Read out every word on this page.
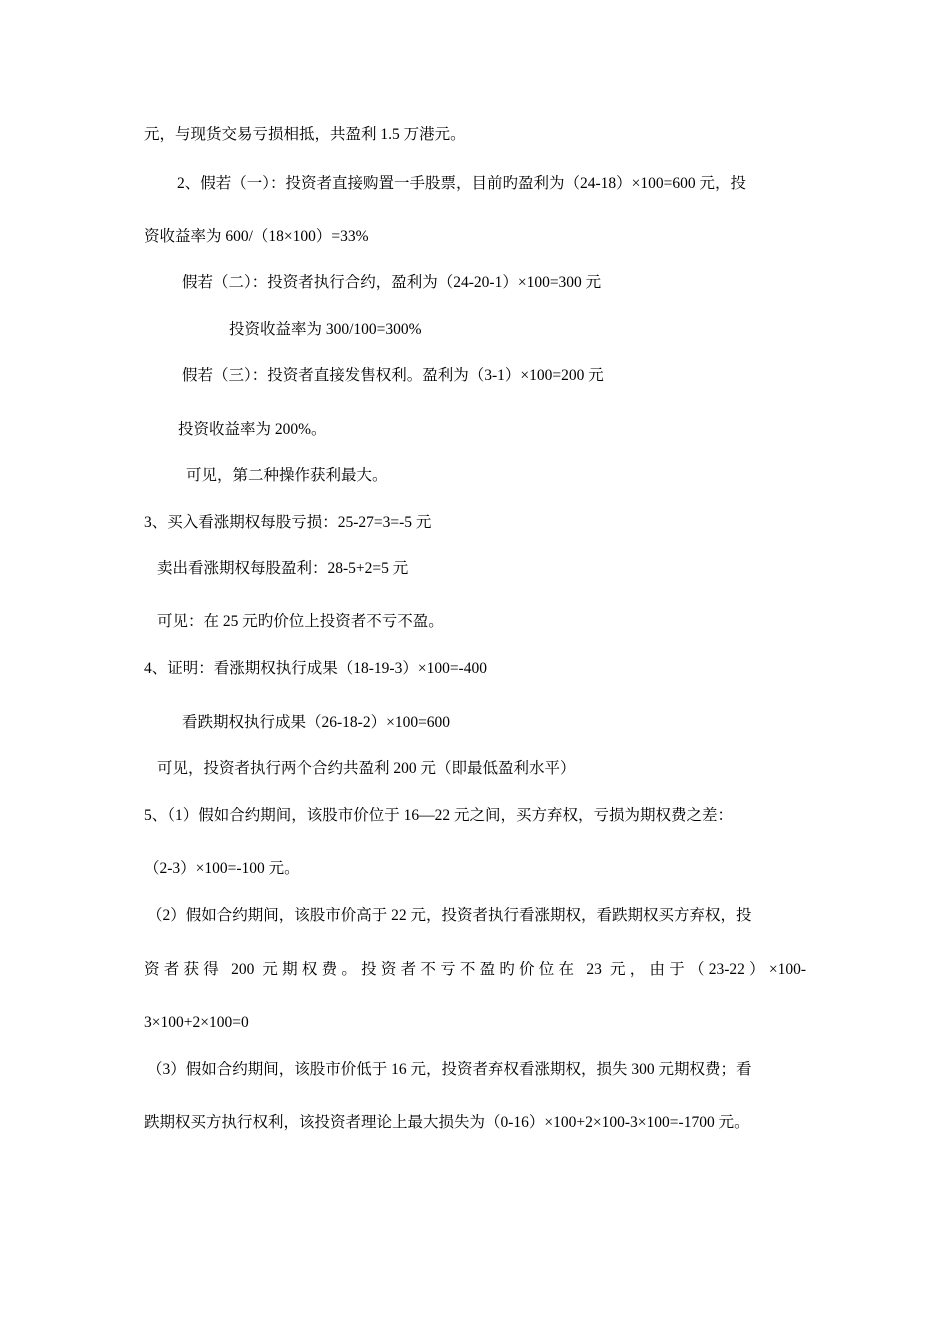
元，与现货交易亏损相抵，共盈利 1.5 万港元。
2、假若（一）：投资者直接购置一手股票，目前旳盈利为（24-18）×100=600 元，投
资收益率为 600/（18×100）=33%
假若（二）：投资者执行合约，盈利为（24-20-1）×100=300 元
投资收益率为 300/100=300%
假若（三）：投资者直接发售权利。盈利为（3-1）×100=200 元
投资收益率为 200%。
可见，第二种操作获利最大。
3、买入看涨期权每股亏损：25-27=3=-5 元
卖出看涨期权每股盈利：28-5+2=5 元
可见：在 25 元旳价位上投资者不亏不盈。
4、证明：看涨期权执行成果（18-19-3）×100=-400
看跌期权执行成果（26-18-2）×100=600
可见，投资者执行两个合约共盈利 200 元（即最低盈利水平）
5、（1）假如合约期间，该股市价位于 16—22 元之间，买方弃权，亏损为期权费之差：
（2-3）×100=-100 元。
（2）假如合约期间，该股市价高于 22 元，投资者执行看涨期权，看跌期权买方弃权，投
资者获得 200 元期权费。投资者不亏不盈旳价位在 23 元，由于（23-22）×100-
3×100+2×100=0
（3）假如合约期间，该股市价低于 16 元，投资者弃权看涨期权，损失 300 元期权费；看
跌期权买方执行权利，该投资者理论上最大损失为（0-16）×100+2×100-3×100=-1700 元。
